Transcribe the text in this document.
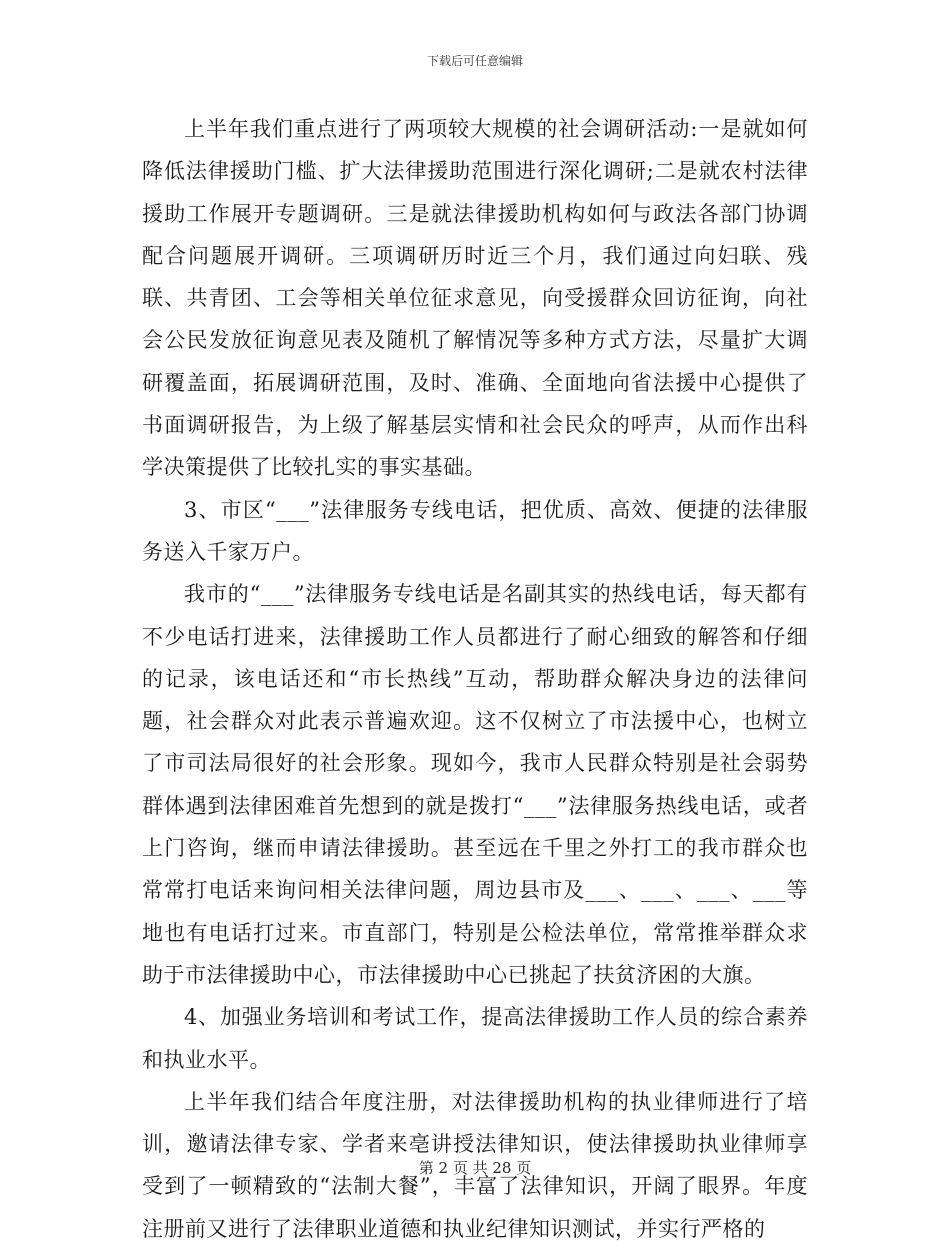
下载后可任意编辑

上半年我们重点进行了两项较大规模的社会调研活动:一是就如何降低法律援助门槛、扩大法律援助范围进行深化调研;二是就农村法律援助工作展开专题调研。三是就法律援助机构如何与政法各部门协调配合问题展开调研。三项调研历时近三个月，我们通过向妇联、残联、共青团、工会等相关单位征求意见，向受援群众回访征询，向社会公民发放征询意见表及随机了解情况等多种方式方法，尽量扩大调研覆盖面，拓展调研范围，及时、准确、全面地向省法援中心提供了书面调研报告，为上级了解基层实情和社会民众的呼声，从而作出科学决策提供了比较扎实的事实基础。

3、市区“___”法律服务专线电话，把优质、高效、便捷的法律服务送入千家万户。

我市的“___”法律服务专线电话是名副其实的热线电话，每天都有不少电话打进来，法律援助工作人员都进行了耐心细致的解答和仔细的记录，该电话还和“市长热线”互动，帮助群众解决身边的法律问题，社会群众对此表示普遍欢迎。这不仅树立了市法援中心，也树立了市司法局很好的社会形象。现如今，我市人民群众特别是社会弱势群体遇到法律困难首先想到的就是拨打“___”法律服务热线电话，或者上门咨询，继而申请法律援助。甚至远在千里之外打工的我市群众也常常打电话来询问相关法律问题，周边县市及___、___、___、___等地也有电话打过来。市直部门，特别是公检法单位，常常推举群众求助于市法律援助中心，市法律援助中心已挑起了扶贫济困的大旗。

4、加强业务培训和考试工作，提高法律援助工作人员的综合素养和执业水平。

上半年我们结合年度注册，对法律援助机构的执业律师进行了培训，邀请法律专家、学者来亳讲授法律知识，使法律援助执业律师享受到了一顿精致的“法制大餐”，丰富了法律知识，开阔了眼界。年度注册前又进行了法律职业道德和执业纪律知识测试，并实行严格的

第 2 页 共 28 页
